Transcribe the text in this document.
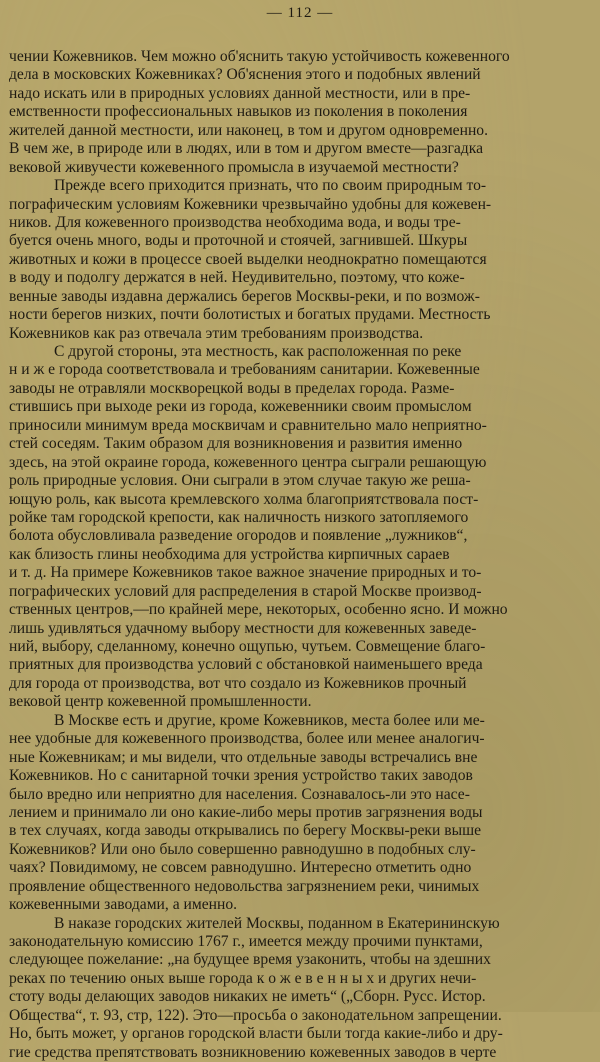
— 112 —
чении Кожевников. Чем можно об'яснить такую устойчивость кожевенного
дела в московских Кожевниках? Об'яснения этого и подобных явлений
надо искать или в природных условиях данной местности, или в пре-
емственности профессиональных навыков из поколения в поколения
жителей данной местности, или наконец, в том и другом одновременно.
В чем же, в природе или в людях, или в том и другом вместе—разгадка
вековой живучести кожевенного промысла в изучаемой местности?
Прежде всего приходится признать, что по своим природным то-
пографическим условиям Кожевники чрезвычайно удобны для кожевен-
ников. Для кожевенного производства необходима вода, и воды тре-
буется очень много, воды и проточной и стоячей, загнившей. Шкуры
животных и кожи в процессе своей выделки неоднократно помещаются
в воду и подолгу держатся в ней. Неудивительно, поэтому, что коже-
венные заводы издавна держались берегов Москвы-реки, и по возмож-
ности берегов низких, почти болотистых и богатых прудами. Местность
Кожевников как раз отвечала этим требованиям производства.
С другой стороны, эта местность, как расположенная по реке
н и ж е города соответствовала и требованиям санитарии. Кожевенные
заводы не отравляли москворецкой воды в пределах города. Разме-
стившись при выходе реки из города, кожевенники своим промыслом
приносили минимум вреда москвичам и сравнительно мало неприятно-
стей соседям. Таким образом для возникновения и развития именно
здесь, на этой окраине города, кожевенного центра сыграли решающую
роль природные условия. Они сыграли в этом случае такую же реша-
ющую роль, как высота кремлевского холма благоприятствовала пост-
ройке там городской крепости, как наличность низкого затопляемого
болота обусловливала разведение огородов и появление „лужников“,
как близость глины необходима для устройства кирпичных сараев
и т. д. На примере Кожевников такое важное значение природных и то-
пографических условий для распределения в старой Москве производ-
ственных центров,—по крайней мере, некоторых, особенно ясно. И можно
лишь удивляться удачному выбору местности для кожевенных заведе-
ний, выбору, сделанному, конечно ощупью, чутьем. Совмещение благо-
приятных для производства условий с обстановкой наименьшего вреда
для города от производства, вот что создало из Кожевников прочный
вековой центр кожевенной промышленности.
В Москве есть и другие, кроме Кожевников, места более или ме-
нее удобные для кожевенного производства, более или менее аналогич-
ные Кожевникам; и мы видели, что отдельные заводы встречались вне
Кожевников. Но с санитарной точки зрения устройство таких заводов
было вредно или неприятно для населения. Сознавалось-ли это насе-
лением и принимало ли оно какие-либо меры против загрязнения воды
в тех случаях, когда заводы открывались по берегу Москвы-реки выше
Кожевников? Или оно было совершенно равнодушно в подобных слу-
чаях? Повидимому, не совсем равнодушно. Интересно отметить одно
проявление общественного недовольства загрязнением реки, чинимых
кожевенными заводами, а именно.
В наказе городских жителей Москвы, поданном в Екатерининскую
законодательную комиссию 1767 г., имеется между прочими пунктами,
следующее пожелание: „на будущее время узаконить, чтобы на здешних
реках по течению оных выше города к о ж е в е н н ы х и других нечи-
стоту воды делающих заводов никаких не иметь“ („Сборн. Русс. Истор.
Общества“, т. 93, стр, 122). Это—просьба о законодательном запрещении.
Но, быть может, у органов городской власти были тогда какие-либо и дру-
гие средства препятствовать возникновению кожевенных заводов в черте
